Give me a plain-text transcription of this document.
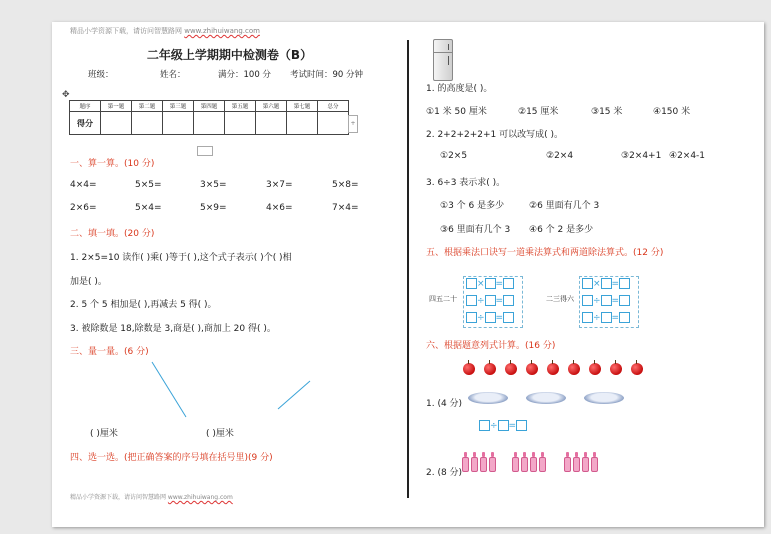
精品小学资源下载，请访问智慧路网 www.zhihuiwang.com
二年级上学期期中检测卷（B）
班级：	姓名：	满分：100 分 考试时间：90 分钟
✥
题序	第一题	第二题	第三题	第四题	第五题	第六题	第七题	总分
得分									+
一、算一算。(10 分)
4×4=	5×5=	3×5=	3×7=	5×8=
2×6=	5×4=	5×9=	4×6=	7×4=
二、填一填。(20 分)
1. 2×5=10 读作( )乘( )等于( ),这个式子表示( )个( )相
加是( )。
2. 5 个 5 相加是( ),再减去 5 得( )。
3. 被除数是 18,除数是 3,商是( ),商加上 20 得( )。
三、量一量。(6 分)
( )厘米	( )厘米
四、选一选。(把正确答案的序号填在括号里)(9 分)
精品小学资源下载，请访问智慧路网 www.zhihuiwang.com
1. 的高度是( )。
①1 米 50 厘米	②15 厘米	③15 米	④150 米
2. 2+2+2+2+1 可以改写成( )。
①2×5	②2×4	③2×4+1 ④2×4-1
3. 6÷3 表示求( )。
①3 个 6 是多少	②6 里面有几个 3
③6 里面有几个 3 ④6 个 2 是多少
五、根据乘法口诀写一道乘法算式和两道除法算式。(12 分)
四五二十
× =
÷ =
÷ =
二三得六
× =
÷ =
÷ =
六、根据题意列式计算。(16 分)
1. (4 分)
÷ =
2. (8 分)
